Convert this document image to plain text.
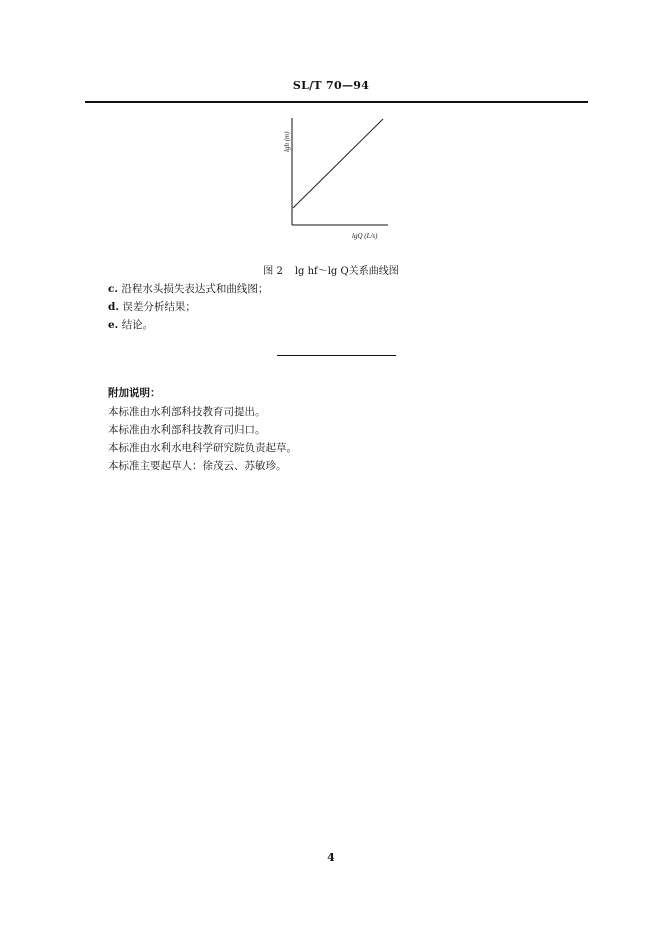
SL/T 70—94
lgh (m)
lgQ (L/s)
图 2 lg hf～lg Q关系曲线图
c. 沿程水头损失表达式和曲线图；
d. 误差分析结果；
e. 结论。
附加说明：
本标准由水利部科技教育司提出。
本标准由水利部科技教育司归口。
本标准由水利水电科学研究院负责起草。
本标准主要起草人：徐茂云、苏敏珍。
4
